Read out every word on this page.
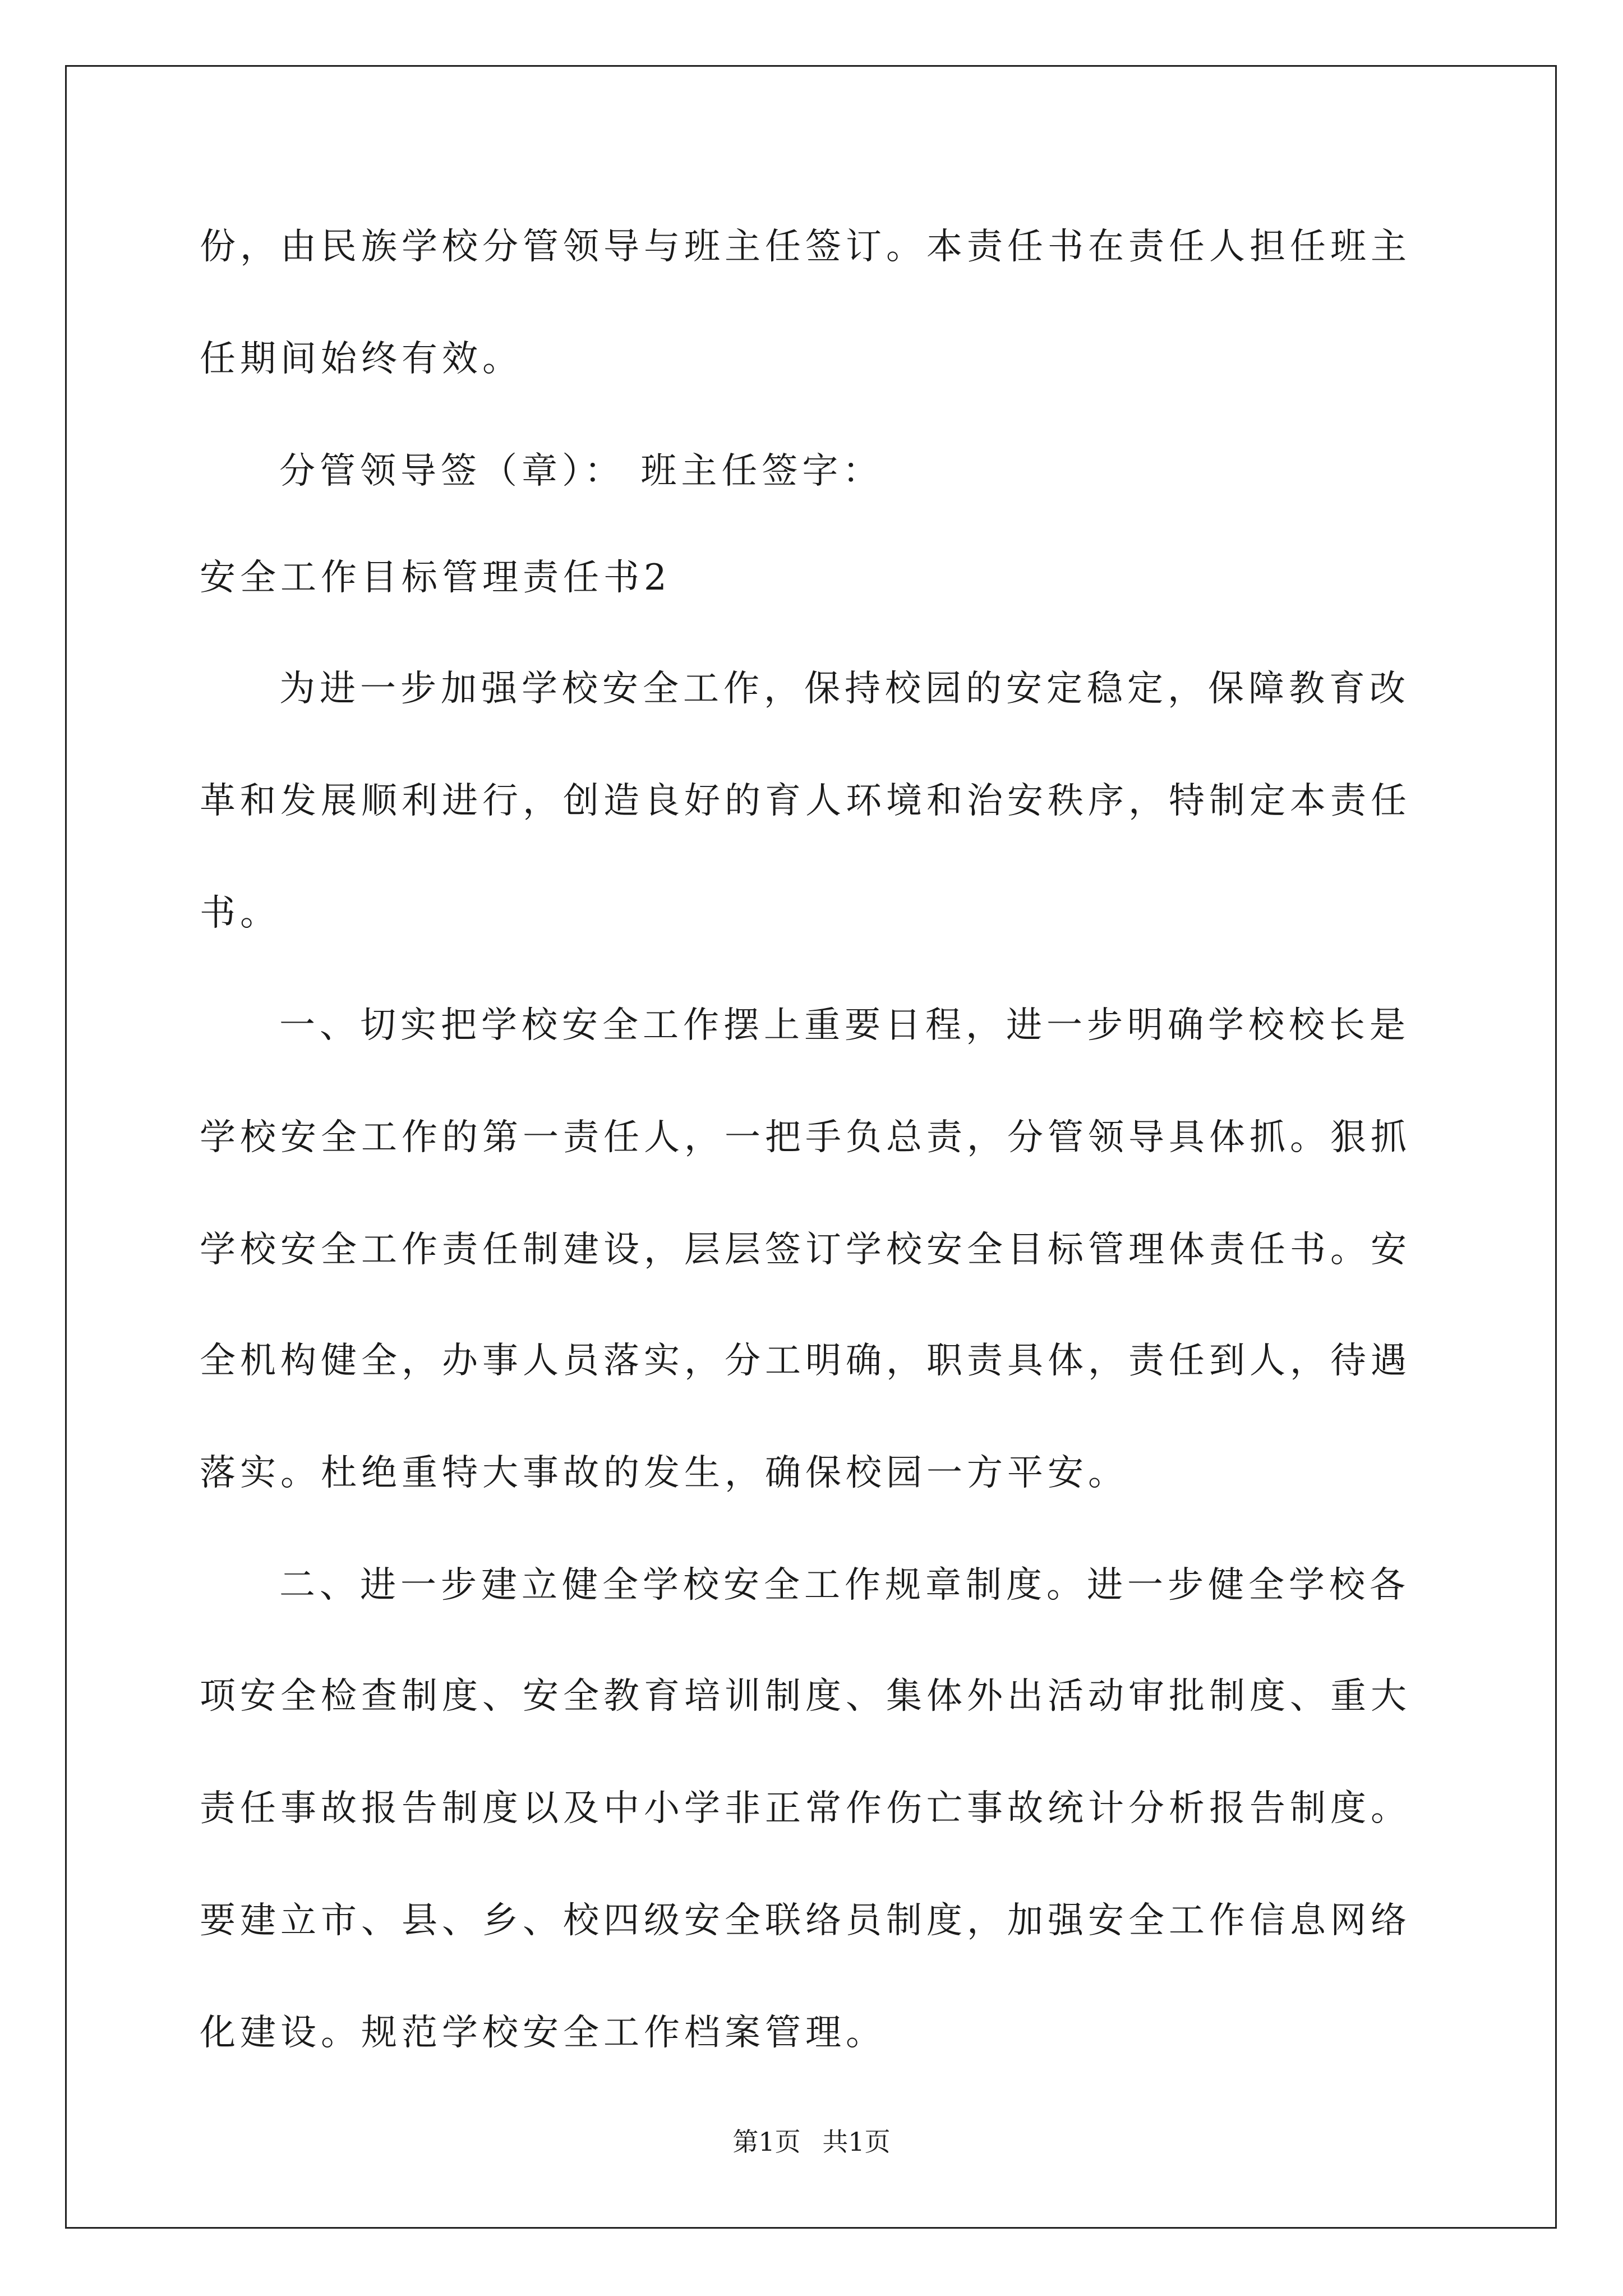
份，由民族学校分管领导与班主任签订。本责任书在责任人担任班主
任期间始终有效。
分管领导签（章）： 班主任签字：
安全工作目标管理责任书2
为进一步加强学校安全工作，保持校园的安定稳定，保障教育改
革和发展顺利进行，创造良好的育人环境和治安秩序，特制定本责任
书。
一、切实把学校安全工作摆上重要日程，进一步明确学校校长是
学校安全工作的第一责任人，一把手负总责，分管领导具体抓。狠抓
学校安全工作责任制建设，层层签订学校安全目标管理体责任书。安
全机构健全，办事人员落实，分工明确，职责具体，责任到人，待遇
落实。杜绝重特大事故的发生，确保校园一方平安。
二、进一步建立健全学校安全工作规章制度。进一步健全学校各
项安全检查制度、安全教育培训制度、集体外出活动审批制度、重大
责任事故报告制度以及中小学非正常作伤亡事故统计分析报告制度。
要建立市、县、乡、校四级安全联络员制度，加强安全工作信息网络
化建设。规范学校安全工作档案管理。
第1页 共1页
